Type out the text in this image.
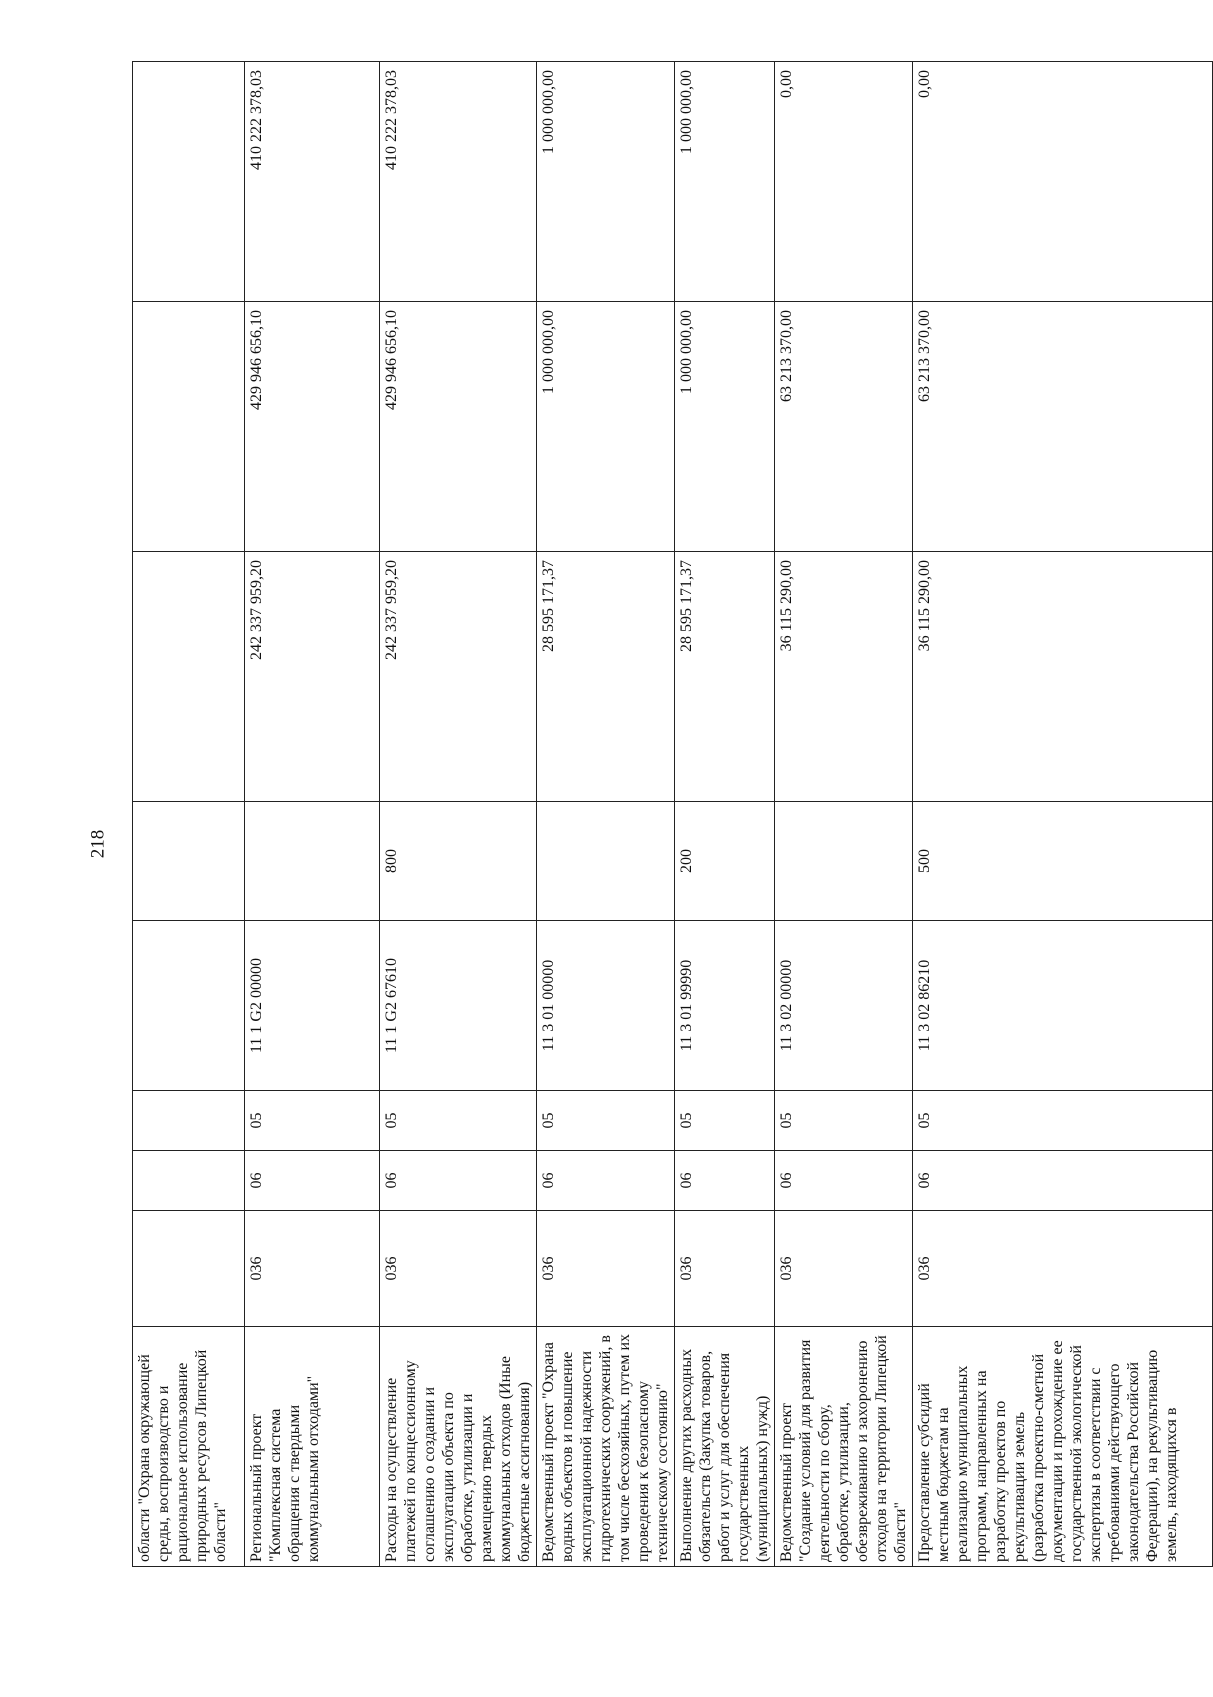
218
области "Охрана окружающей среды, воспроизводство и рациональное использование природных ресурсов Липецкой области"								
Региональный проект "Комплексная система обращения с твердыми коммунальными отходами"	036	06	05	11 1 G2 00000		242 337 959,20	429 946 656,10	410 222 378,03
Расходы на осуществление платежей по концессионному соглашению о создании и эксплуатации объекта по обработке, утилизации и размещению твердых коммунальных отходов (Иные бюджетные ассигнования)	036	06	05	11 1 G2 67610	800	242 337 959,20	429 946 656,10	410 222 378,03
Ведомственный проект "Охрана водных объектов и повышение эксплуатационной надежности гидротехнических сооружений, в том числе бесхозяйных, путем их проведения к безопасному техническому состоянию"	036	06	05	11 3 01 00000		28 595 171,37	1 000 000,00	1 000 000,00
Выполнение других расходных обязательств (Закупка товаров, работ и услуг для обеспечения государственных (муниципальных) нужд)	036	06	05	11 3 01 99990	200	28 595 171,37	1 000 000,00	1 000 000,00
Ведомственный проект "Создание условий для развития деятельности по сбору, обработке, утилизации, обезвреживанию и захоронению отходов на территории Липецкой области"	036	06	05	11 3 02 00000		36 115 290,00	63 213 370,00	0,00
Предоставление субсидий местным бюджетам на реализацию муниципальных программ, направленных на разработку проектов по рекультивации земель (разработка проектно-сметной документации и прохождение ее государственной экологической экспертизы в соответствии с требованиями действующего законодательства Российской Федерации), на рекультивацию земель, находящихся в	036	06	05	11 3 02 86210	500	36 115 290,00	63 213 370,00	0,00
